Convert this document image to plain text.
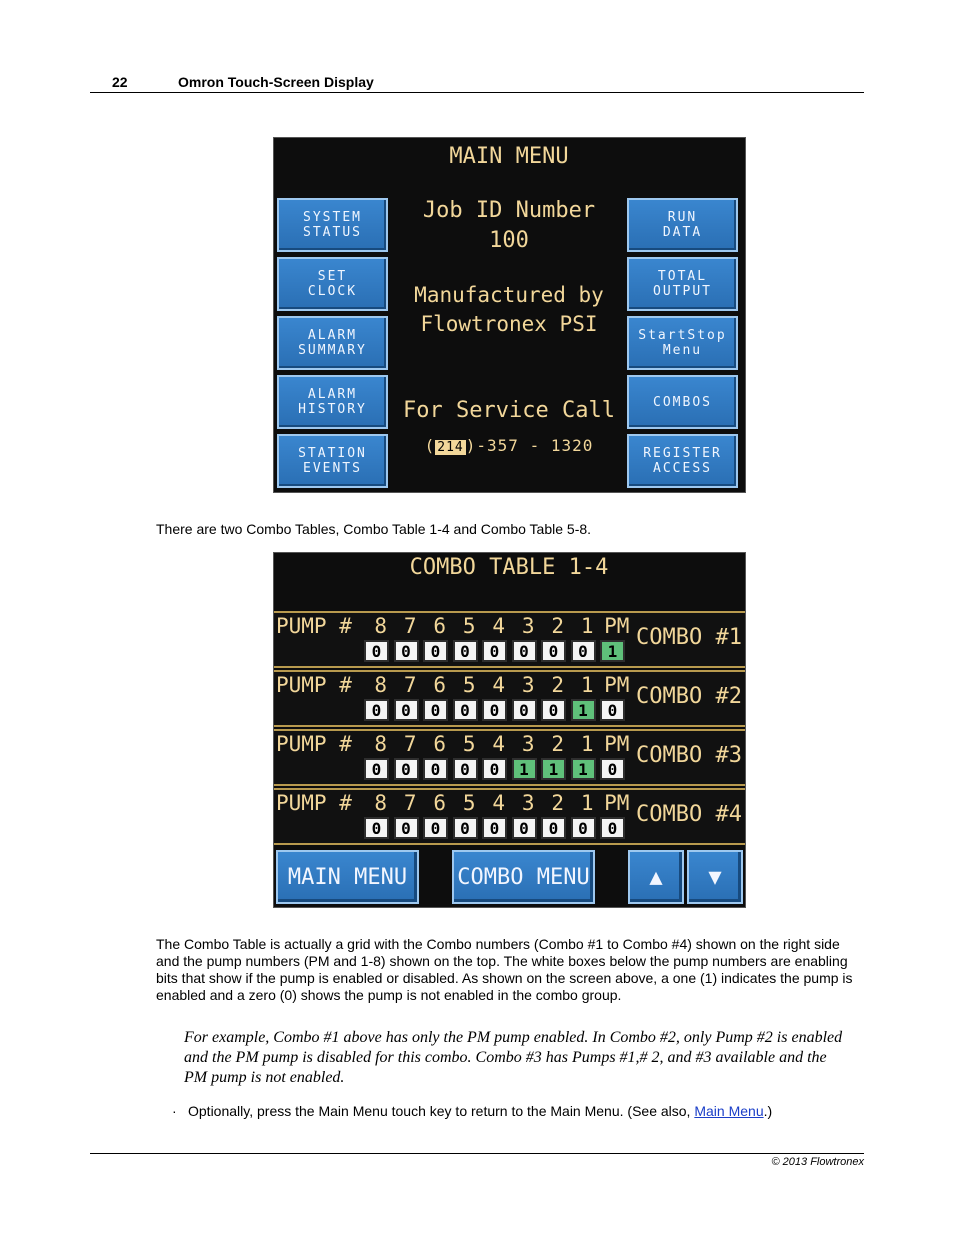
22	Omron Touch-Screen Display
MAIN MENU
Job ID Number
100
Manufactured by
Flowtronex PSI
For Service Call
( 214 )-357 - 1320
SYSTEM
STATUS
SET
CLOCK
ALARM
SUMMARY
ALARM
HISTORY
STATION
EVENTS
RUN
DATA
TOTAL
OUTPUT
StartStop
Menu
COMBOS
REGISTER
ACCESS
There are two Combo Tables, Combo Table 1-4 and Combo Table 5-8.
COMBO TABLE 1-4
PUMP #	8 7 6 5 4 3 2 1 PM
0	0	0	0	0	0	0	0	1
COMBO #1
PUMP #	8 7 6 5 4 3 2 1 PM
0	0	0	0	0	0	0	1	0
COMBO #2
PUMP #	8 7 6 5 4 3 2 1 PM
0	0	0	0	0	1	1	1	0
COMBO #3
PUMP #	8 7 6 5 4 3 2 1 PM
0	0	0	0	0	0	0	0	0
COMBO #4
MAIN MENU	COMBO MENU	▲	▼
The Combo Table is actually a grid with the Combo numbers (Combo #1 to Combo #4) shown on the right side and the pump numbers (PM and 1-8) shown on the top. The white boxes below the pump numbers are enabling bits that show if the pump is enabled or disabled. As shown on the screen above, a one (1) indicates the pump is enabled and a zero (0) shows the pump is not enabled in the combo group.
For example, Combo #1 above has only the PM pump enabled. In Combo #2, only Pump #2 is enabled and the PM pump is disabled for this combo. Combo #3 has Pumps #1,# 2, and #3 available and the PM pump is not enabled.
· Optionally, press the Main Menu touch key to return to the Main Menu. (See also, Main Menu.)
© 2013 Flowtronex
